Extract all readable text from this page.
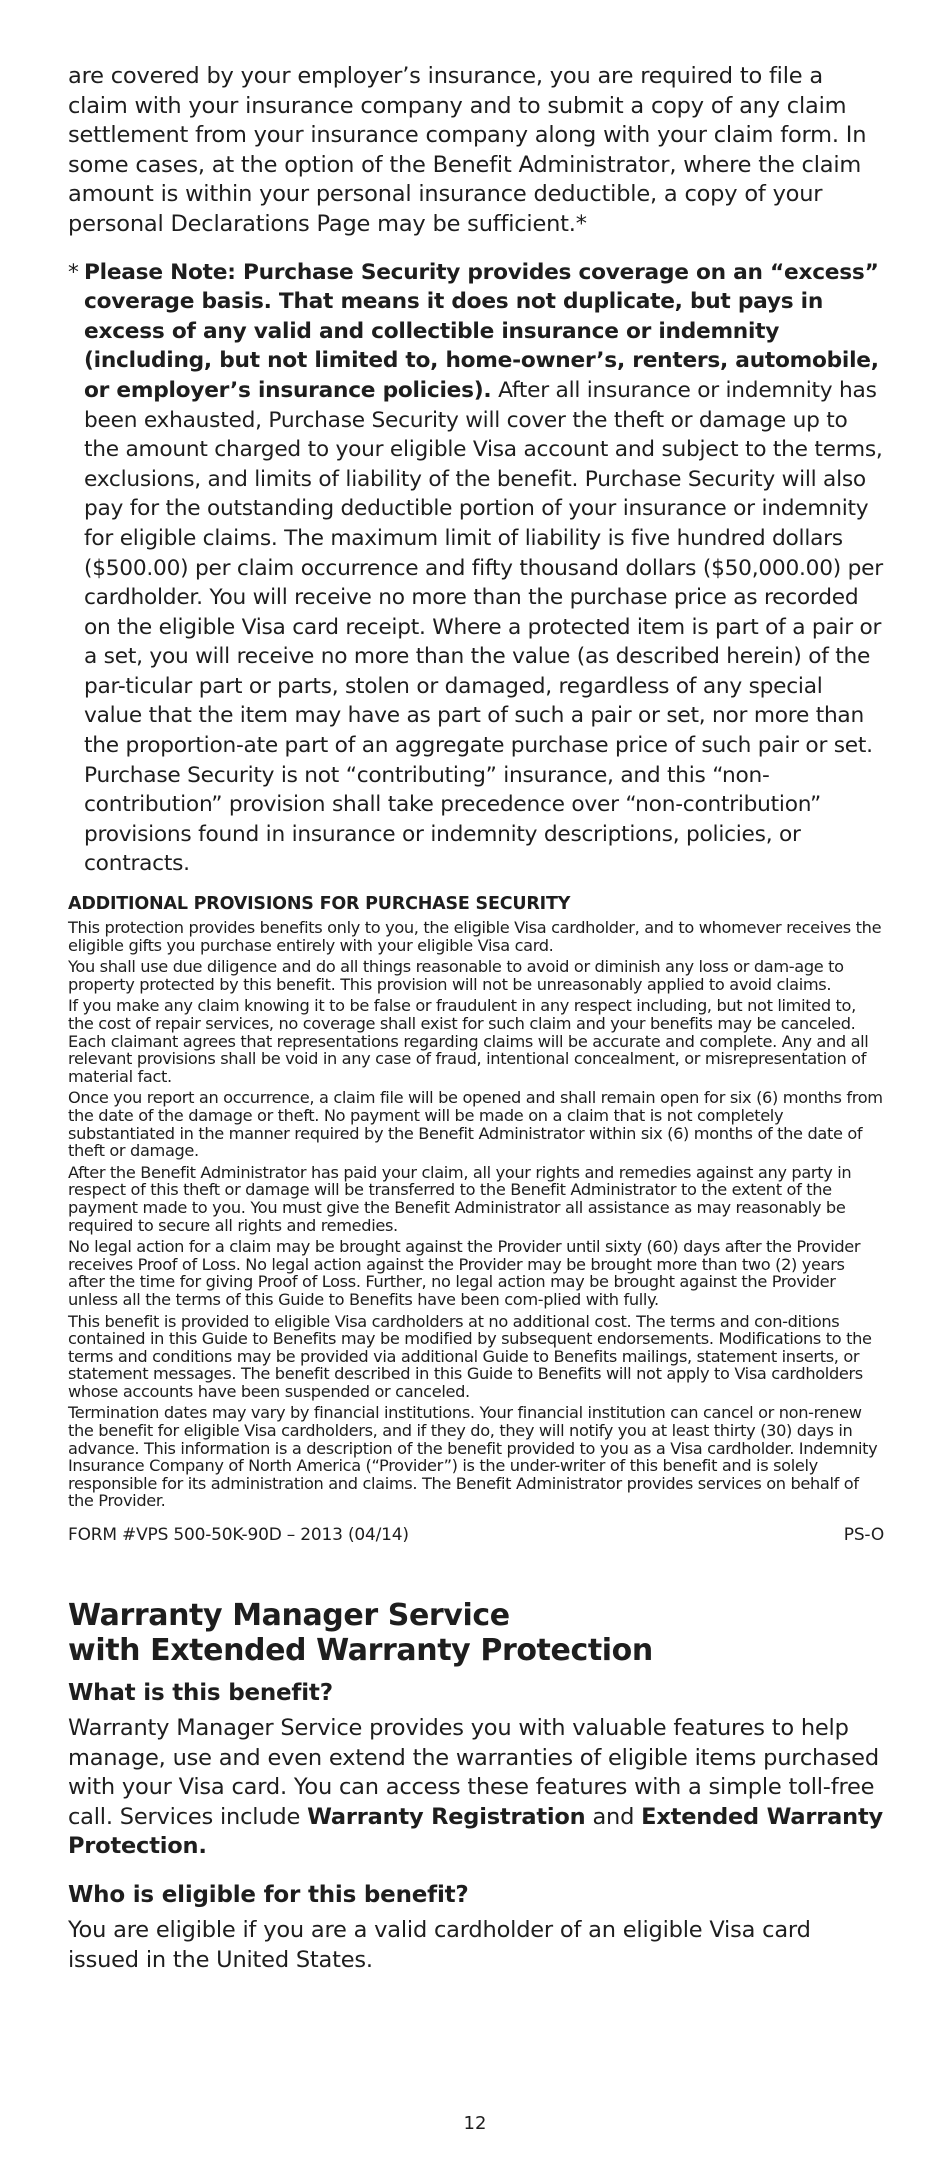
are covered by your employer’s insurance, you are required to file a claim with your insurance company and to submit a copy of any claim settlement from your insurance company along with your claim form. In some cases, at the option of the Benefit Administrator, where the claim amount is within your personal insurance deductible, a copy of your personal Declarations Page may be sufficient.*

* Please Note: Purchase Security provides coverage on an “excess” coverage basis. That means it does not duplicate, but pays in excess of any valid and collectible insurance or indemnity (including, but not limited to, home-owner’s, renters, automobile, or employer’s insurance policies). After all insurance or indemnity has been exhausted, Purchase Security will cover the theft or damage up to the amount charged to your eligible Visa account and subject to the terms, exclusions, and limits of liability of the benefit. Purchase Security will also pay for the outstanding deductible portion of your insurance or indemnity for eligible claims. The maximum limit of liability is five hundred dollars ($500.00) per claim occurrence and fifty thousand dollars ($50,000.00) per cardholder. You will receive no more than the purchase price as recorded on the eligible Visa card receipt. Where a protected item is part of a pair or a set, you will receive no more than the value (as described herein) of the par-ticular part or parts, stolen or damaged, regardless of any special value that the item may have as part of such a pair or set, nor more than the proportion-ate part of an aggregate purchase price of such pair or set. Purchase Security is not “contributing” insurance, and this “non-contribution” provision shall take precedence over “non-contribution” provisions found in insurance or indemnity descriptions, policies, or contracts.

ADDITIONAL PROVISIONS FOR PURCHASE SECURITY

This protection provides benefits only to you, the eligible Visa cardholder, and to whomever receives the eligible gifts you purchase entirely with your eligible Visa card.

You shall use due diligence and do all things reasonable to avoid or diminish any loss or dam-age to property protected by this benefit. This provision will not be unreasonably applied to avoid claims.

If you make any claim knowing it to be false or fraudulent in any respect including, but not limited to, the cost of repair services, no coverage shall exist for such claim and your benefits may be canceled. Each claimant agrees that representations regarding claims will be accurate and complete. Any and all relevant provisions shall be void in any case of fraud, intentional concealment, or misrepresentation of material fact.

Once you report an occurrence, a claim file will be opened and shall remain open for six (6) months from the date of the damage or theft. No payment will be made on a claim that is not completely substantiated in the manner required by the Benefit Administrator within six (6) months of the date of theft or damage.

After the Benefit Administrator has paid your claim, all your rights and remedies against any party in respect of this theft or damage will be transferred to the Benefit Administrator to the extent of the payment made to you. You must give the Benefit Administrator all assistance as may reasonably be required to secure all rights and remedies.

No legal action for a claim may be brought against the Provider until sixty (60) days after the Provider receives Proof of Loss. No legal action against the Provider may be brought more than two (2) years after the time for giving Proof of Loss. Further, no legal action may be brought against the Provider unless all the terms of this Guide to Benefits have been com-plied with fully.

This benefit is provided to eligible Visa cardholders at no additional cost. The terms and con-ditions contained in this Guide to Benefits may be modified by subsequent endorsements. Modifications to the terms and conditions may be provided via additional Guide to Benefits mailings, statement inserts, or statement messages. The benefit described in this Guide to Benefits will not apply to Visa cardholders whose accounts have been suspended or canceled.

Termination dates may vary by financial institutions. Your financial institution can cancel or non-renew the benefit for eligible Visa cardholders, and if they do, they will notify you at least thirty (30) days in advance. This information is a description of the benefit provided to you as a Visa cardholder. Indemnity Insurance Company of North America (“Provider”) is the under-writer of this benefit and is solely responsible for its administration and claims. The Benefit Administrator provides services on behalf of the Provider.

FORM #VPS 500-50K-90D – 2013 (04/14)	PS-O
Warranty Manager Service
with Extended Warranty Protection
What is this benefit?

Warranty Manager Service provides you with valuable features to help manage, use and even extend the warranties of eligible items purchased with your Visa card. You can access these features with a simple toll-free call. Services include Warranty Registration and Extended Warranty Protection.

Who is eligible for this benefit?

You are eligible if you are a valid cardholder of an eligible Visa card issued in the United States.

12
